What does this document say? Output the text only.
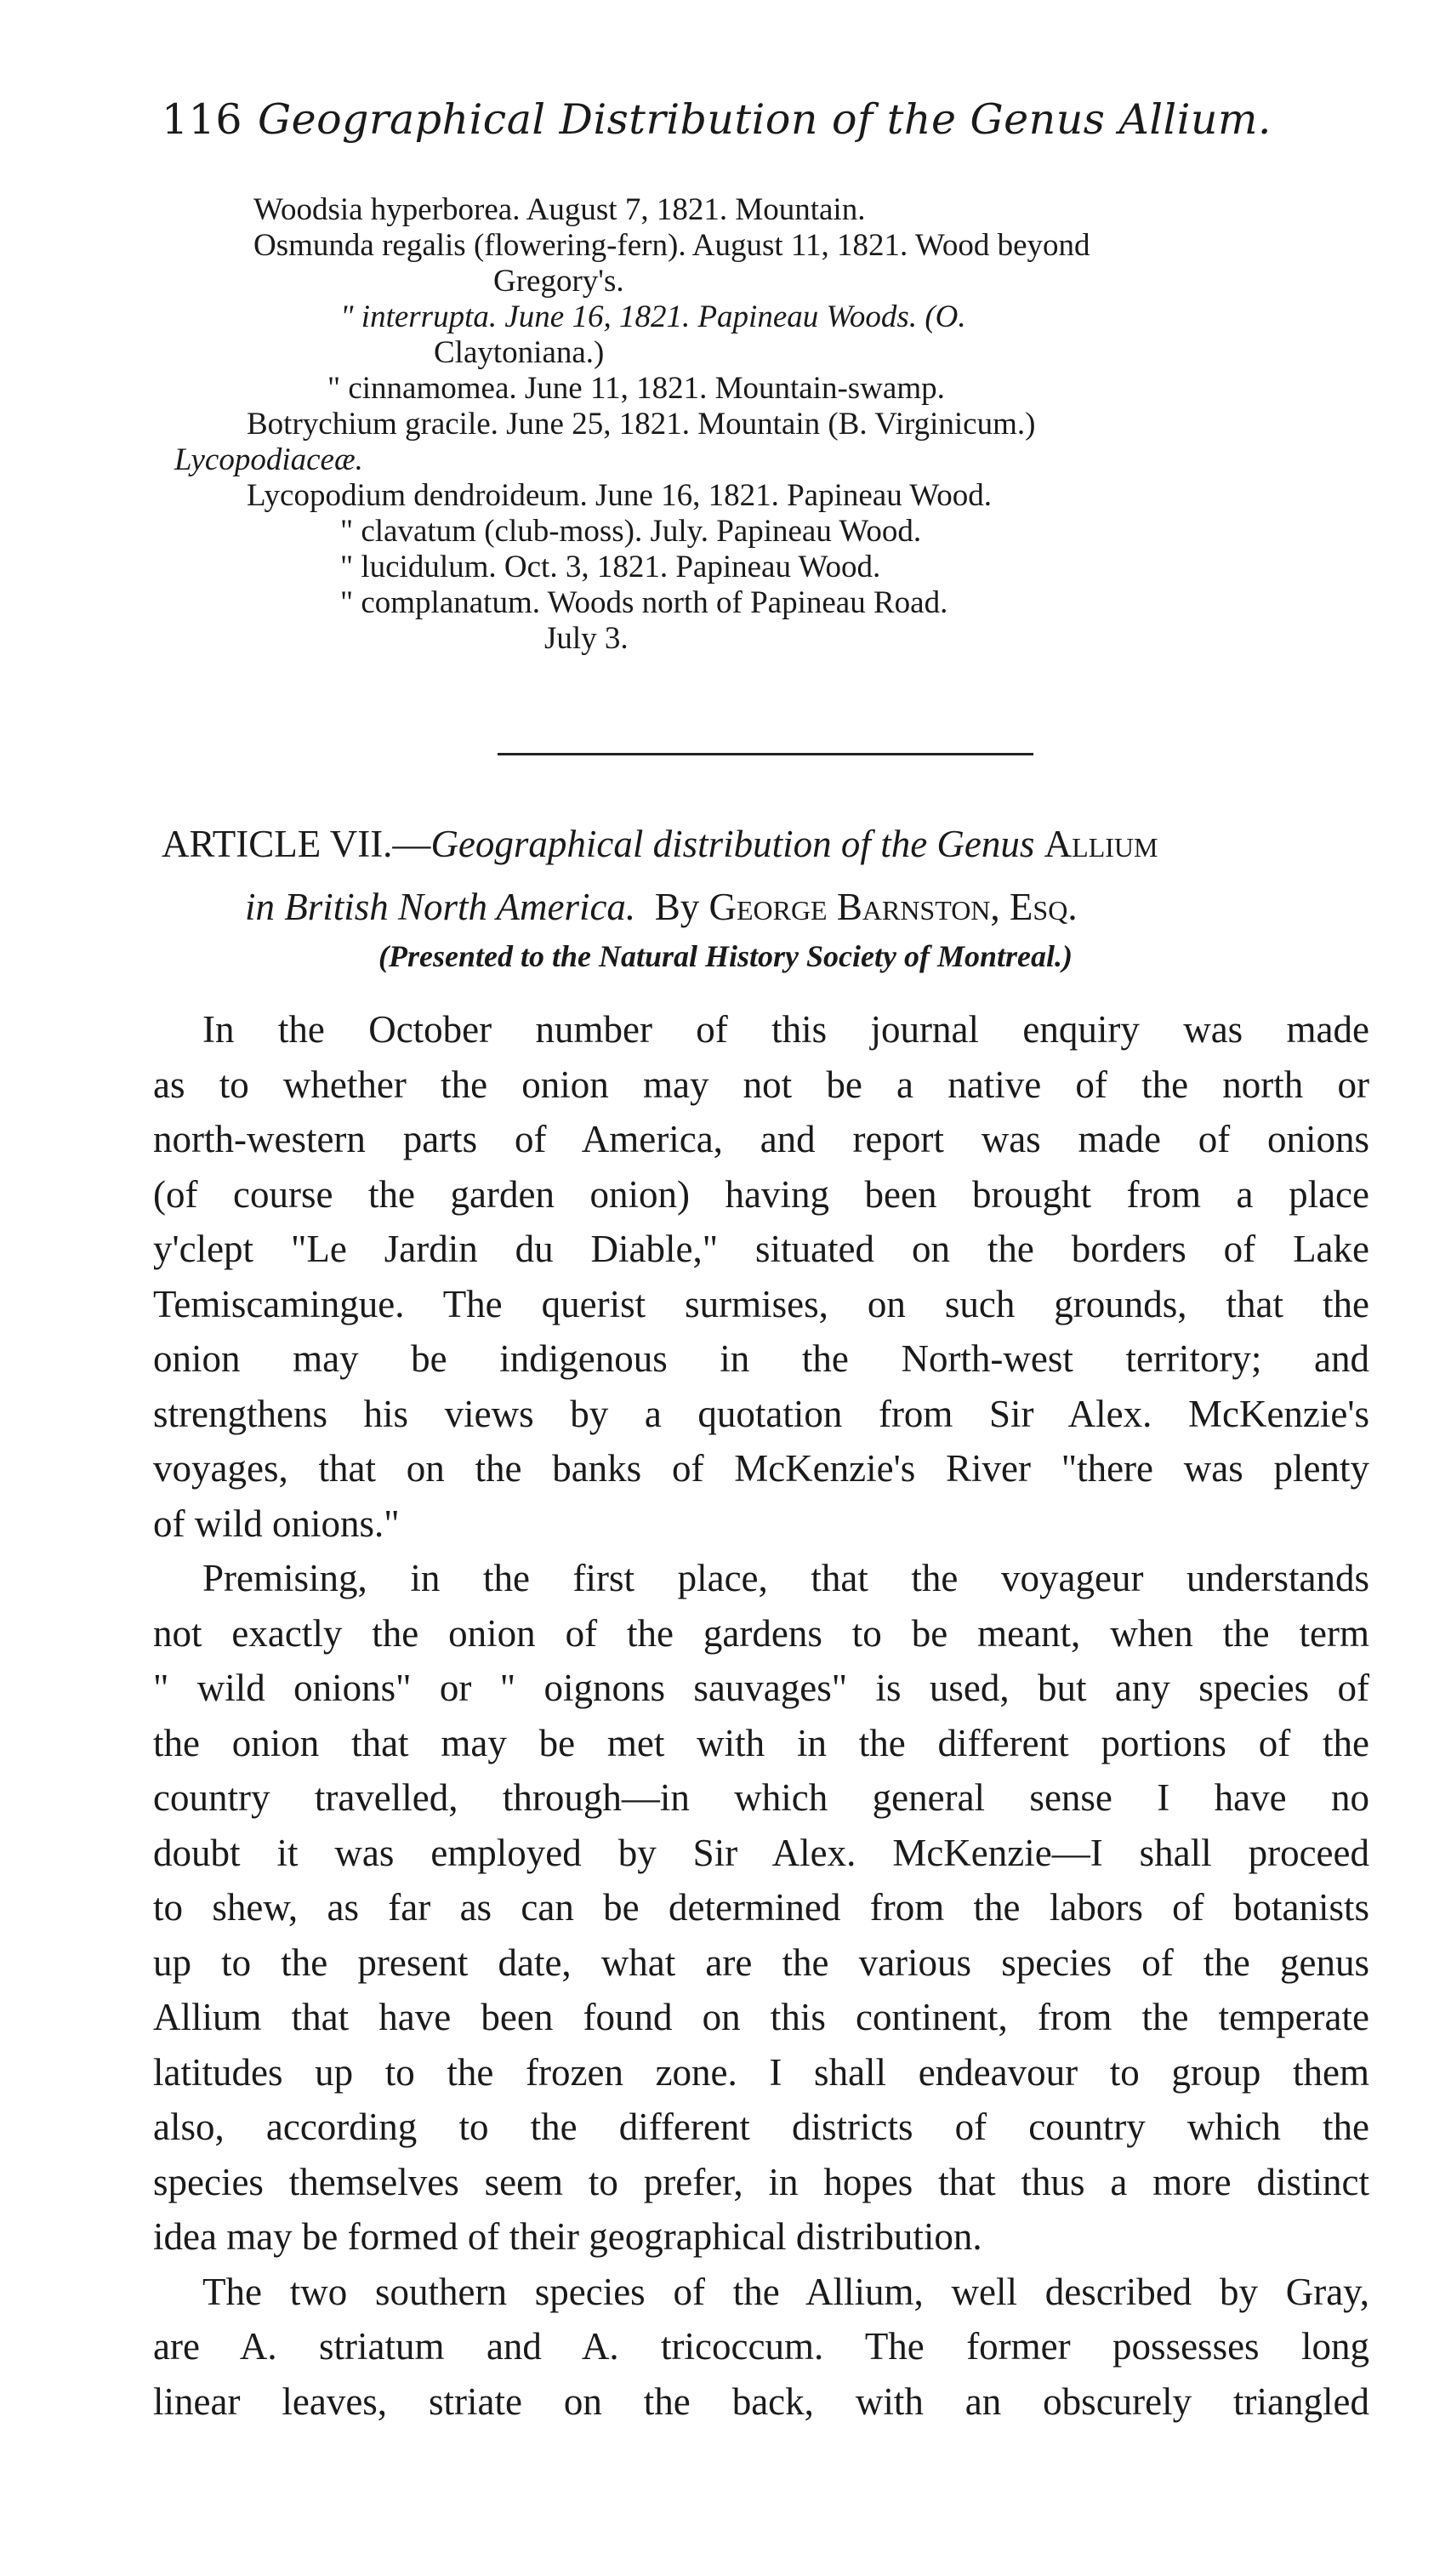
116 Geographical Distribution of the Genus Allium.
Woodsia hyperborea. August 7, 1821. Mountain.
Osmunda regalis (flowering-fern). August 11, 1821. Wood beyond
Gregory's.
" interrupta. June 16, 1821. Papineau Woods. (O.
Claytoniana.)
" cinnamomea. June 11, 1821. Mountain-swamp.
Botrychium gracile. June 25, 1821. Mountain (B. Virginicum.)
Lycopodiaceæ.
Lycopodium dendroideum. June 16, 1821. Papineau Wood.
" clavatum (club-moss). July. Papineau Wood.
" lucidulum. Oct. 3, 1821. Papineau Wood.
" complanatum. Woods north of Papineau Road.
July 3.
ARTICLE VII.—Geographical distribution of the Genus Allium
in British North America. By George Barnston, Esq.
(Presented to the Natural History Society of Montreal.)

In the October number of this journal enquiry was made
as to whether the onion may not be a native of the north or
north-western parts of America, and report was made of onions
(of course the garden onion) having been brought from a place
y'clept "Le Jardin du Diable," situated on the borders of Lake
Temiscamingue. The querist surmises, on such grounds, that the
onion may be indigenous in the North-west territory; and
strengthens his views by a quotation from Sir Alex. McKenzie's
voyages, that on the banks of McKenzie's River "there was plenty
of wild onions."

Premising, in the first place, that the voyageur understands
not exactly the onion of the gardens to be meant, when the term
" wild onions" or " oignons sauvages" is used, but any species of
the onion that may be met with in the different portions of the
country travelled, through—in which general sense I have no
doubt it was employed by Sir Alex. McKenzie—I shall proceed
to shew, as far as can be determined from the labors of botanists
up to the present date, what are the various species of the genus
Allium that have been found on this continent, from the temperate
latitudes up to the frozen zone. I shall endeavour to group them
also, according to the different districts of country which the
species themselves seem to prefer, in hopes that thus a more distinct
idea may be formed of their geographical distribution.

The two southern species of the Allium, well described by Gray,
are A. striatum and A. tricoccum. The former possesses long
linear leaves, striate on the back, with an obscurely triangled
